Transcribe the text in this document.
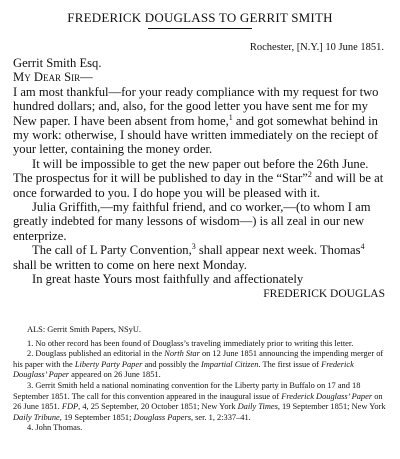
FREDERICK DOUGLASS TO GERRIT SMITH
Rochester, [N.Y.] 10 June 1851.

Gerrit Smith Esq.

My Dear Sir—

I am most thankful—for your ready compliance with my request for two hundred dollars; and, also, for the good letter you have sent me for my New paper. I have been absent from home,$^1$ and got somewhat behind in my work: otherwise, I should have written immediately on the reciept of your letter, containing the money order.

It will be impossible to get the new paper out before the 26th June. The prospectus for it will be published to day in the “Star”$^2$ and will be at once forwarded to you. I do hope you will be pleased with it.

Julia Griffith,—my faithful friend, and co worker,—(to whom I am greatly indebted for many lessons of wisdom—) is all zeal in our new enterprize.

The call of L Party Convention,$^3$ shall appear next week. Thomas$^4$ shall be written to come on here next Monday.

In great haste Yours most faithfully and affectionately

FREDERICK DOUGLAS

ALS: Gerrit Smith Papers, NSyU.

1. No other record has been found of Douglass’s traveling immediately prior to writing this letter.

2. Douglass published an editorial in the North Star on 12 June 1851 announcing the impending merger of his paper with the Liberty Party Paper and possibly the Impartial Citizen. The first issue of Frederick Douglass’ Paper appeared on 26 June 1851.

3. Gerrit Smith held a national nominating convention for the Liberty party in Buffalo on 17 and 18 September 1851. The call for this convention appeared in the inaugural issue of Frederick Douglass’ Paper on 26 June 1851. FDP, 4, 25 September, 20 October 1851; New York Daily Times, 19 September 1851; New York Daily Tribune, 19 September 1851; Douglass Papers, ser. 1, 2:337–41.

4. John Thomas.
